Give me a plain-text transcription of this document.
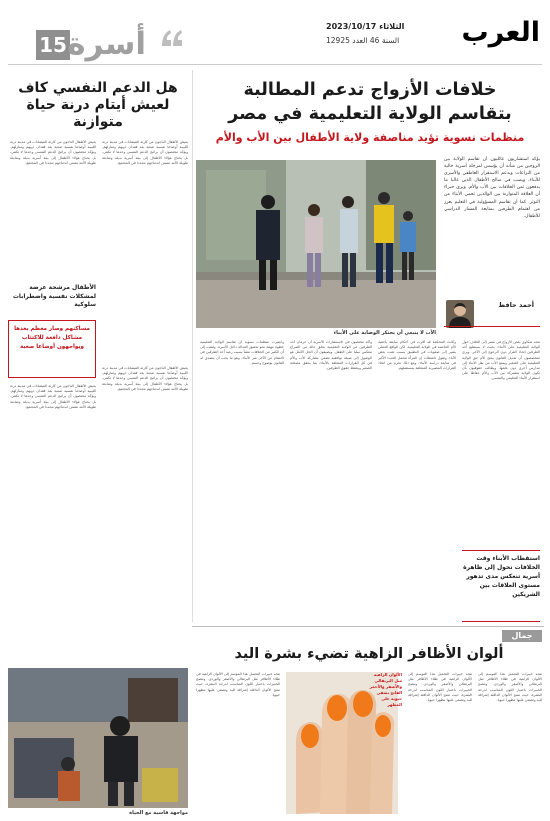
العرب
الثلاثاء 2023/10/17
السنة 46 العدد 12925
15 أسرة
خلافات الأزواج تدعم المطالبة
بتقاسم الولاية التعليمية في مصر
منظمات نسوية تؤيد مناصفة ولاية الأطفال بين الأب والأم
يؤكد استشاريون عائليون أن تقاسم الولاية بين الزوجين من شأنه أن يؤسس لمرحلة أسرية خالية من النزاعات ويدعم الاستقرار العاطفي والأسري للأبناء، ويصب في صالح الأطفال الذين غالبا ما يدفعون ثمن الخلافات بين الأب والأم. ويرى خبراء أن العلاقة المتوازنة بين الوالدين تحمي الأبناء من التوتر. كما أن تقاسم المسؤولية في التعليم يعزز من اهتمام الطرفين بمتابعة المسار الدراسي للأطفال.
أحمد حافظ
الأب لا ينبغي أن يحتكر الوصاية على الأبناء
تتجه شكاوى بعض الأزواج في مصر إلى الخلاف حول الولاية التعليمية على الأبناء، بحيث لا يستطيع أحد الطرفين اتخاذ القرار دون الرجوع إلى الآخر. ويرى متخصصون أن تعديل القانون يمنح الأم حق الولاية التعليمية على الصغير ويمنع الأب من نقل الأبناء إلى مدارس أخرى دون علمها. ويطالب حقوقيون بأن تكون الولاية مشتركة بين الأب والأم حفاظا على استقرار الأبناء التعليمي والنفسي.
وكانت المحكمة قد أقرت في أحكام سابقة بأحقية الأم الحاضنة في الولاية التعليمية، لكن الواقع العملي يشير إلى صعوبات في التطبيق بسبب تعنت بعض الآباء. وتقول ناشطات إن المرأة تتحمل العبء الأكبر في متابعة دراسة الأبناء، ومع ذلك تحرم من اتخاذ القرارات المصيرية المتعلقة بمستقبلهم.
وأكد مختصون في الاستشارات الأسرية أن حرمان أحد الطرفين من الولاية التعليمية يخلق حالة من الصراع تنعكس سلبا على الطفل. ويضيفون أن الحل الأمثل هو الوصول إلى صيغة توافقية تضمن مشاركة الأب والأم في كل القرارات المتعلقة بالأبناء، بما يحقق مصلحة الصغير ويحفظ حقوق الطرفين.
واعتبرت منظمات نسوية أن تقاسم الولاية التعليمية خطوة مهمة نحو تحقيق العدالة داخل الأسرة. ولفتت إلى أن الكثير من الخلافات تنشأ بسبب رغبة أحد الطرفين في الانتقام من الآخر عبر الأبناء، وهو ما يجب أن يتصدى له القانون بوضوح وحسم.
استقطاب الأبناء وقت الخلافات تحول إلى ظاهرة أسرية تنعكس مدى تدهور مستوى العلاقات بين الشريكين
هل الدعم النفسي كاف لعيش أيتام درنة حياة متوازنة
يعيش الأطفال الناجون من كارثة الفيضانات في مدينة درنة الليبية أوضاعا نفسية صعبة بعد فقدان ذويهم ومنازلهم. ويؤكد مختصون أن برامج الدعم النفسي وحدها لا تكفي، بل يحتاج هؤلاء الأطفال إلى بيئة أسرية بديلة ومتابعة طويلة الأمد تضمن اندماجهم مجددا في المجتمع.
يعيش الأطفال الناجون من كارثة الفيضانات في مدينة درنة الليبية أوضاعا نفسية صعبة بعد فقدان ذويهم ومنازلهم. ويؤكد مختصون أن برامج الدعم النفسي وحدها لا تكفي، بل يحتاج هؤلاء الأطفال إلى بيئة أسرية بديلة ومتابعة طويلة الأمد تضمن اندماجهم مجددا في المجتمع.
الأطفال مرشحة عرضة لمشكلات نفسية واضطرابات سلوكية
مساكنهم وصار معظم بعدها مشاكل دافعة للاكتئاب ويواجهون أوضاعا صعبة
يعيش الأطفال الناجون من كارثة الفيضانات في مدينة درنة الليبية أوضاعا نفسية صعبة بعد فقدان ذويهم ومنازلهم. ويؤكد مختصون أن برامج الدعم النفسي وحدها لا تكفي، بل يحتاج هؤلاء الأطفال إلى بيئة أسرية بديلة ومتابعة طويلة الأمد تضمن اندماجهم مجددا في المجتمع.
يعيش الأطفال الناجون من كارثة الفيضانات في مدينة درنة الليبية أوضاعا نفسية صعبة بعد فقدان ذويهم ومنازلهم. ويؤكد مختصون أن برامج الدعم النفسي وحدها لا تكفي، بل يحتاج هؤلاء الأطفال إلى بيئة أسرية بديلة ومتابعة طويلة الأمد تضمن اندماجهم مجددا في المجتمع.
جمال
ألوان الأظافر الزاهية تضيء بشرة اليد
تتجه خبيرات التجميل هذا الموسم إلى الألوان الزاهية في طلاء الأظافر مثل البرتقالي والأصفر والوردي. وتنصح الخبيرات باختيار اللون المناسب لدرجة البشرة، حيث تمنح الألوان الدافئة إشراقة لليد وتضفي عليها مظهرا حيويا.
تتجه خبيرات التجميل هذا الموسم إلى الألوان الزاهية في طلاء الأظافر مثل البرتقالي والأصفر والوردي. وتنصح الخبيرات باختيار اللون المناسب لدرجة البشرة، حيث تمنح الألوان الدافئة إشراقة لليد وتضفي عليها مظهرا حيويا.
الألوان الزاهية مثل البرتقالي والأصفر والأحمر الفاتح تضفي حيوية على المظهر
تتجه خبيرات التجميل هذا الموسم إلى الألوان الزاهية في طلاء الأظافر مثل البرتقالي والأصفر والوردي. وتنصح الخبيرات باختيار اللون المناسب لدرجة البشرة، حيث تمنح الألوان الدافئة إشراقة لليد وتضفي عليها مظهرا حيويا.
مواجهة قاسية مع الحياة
